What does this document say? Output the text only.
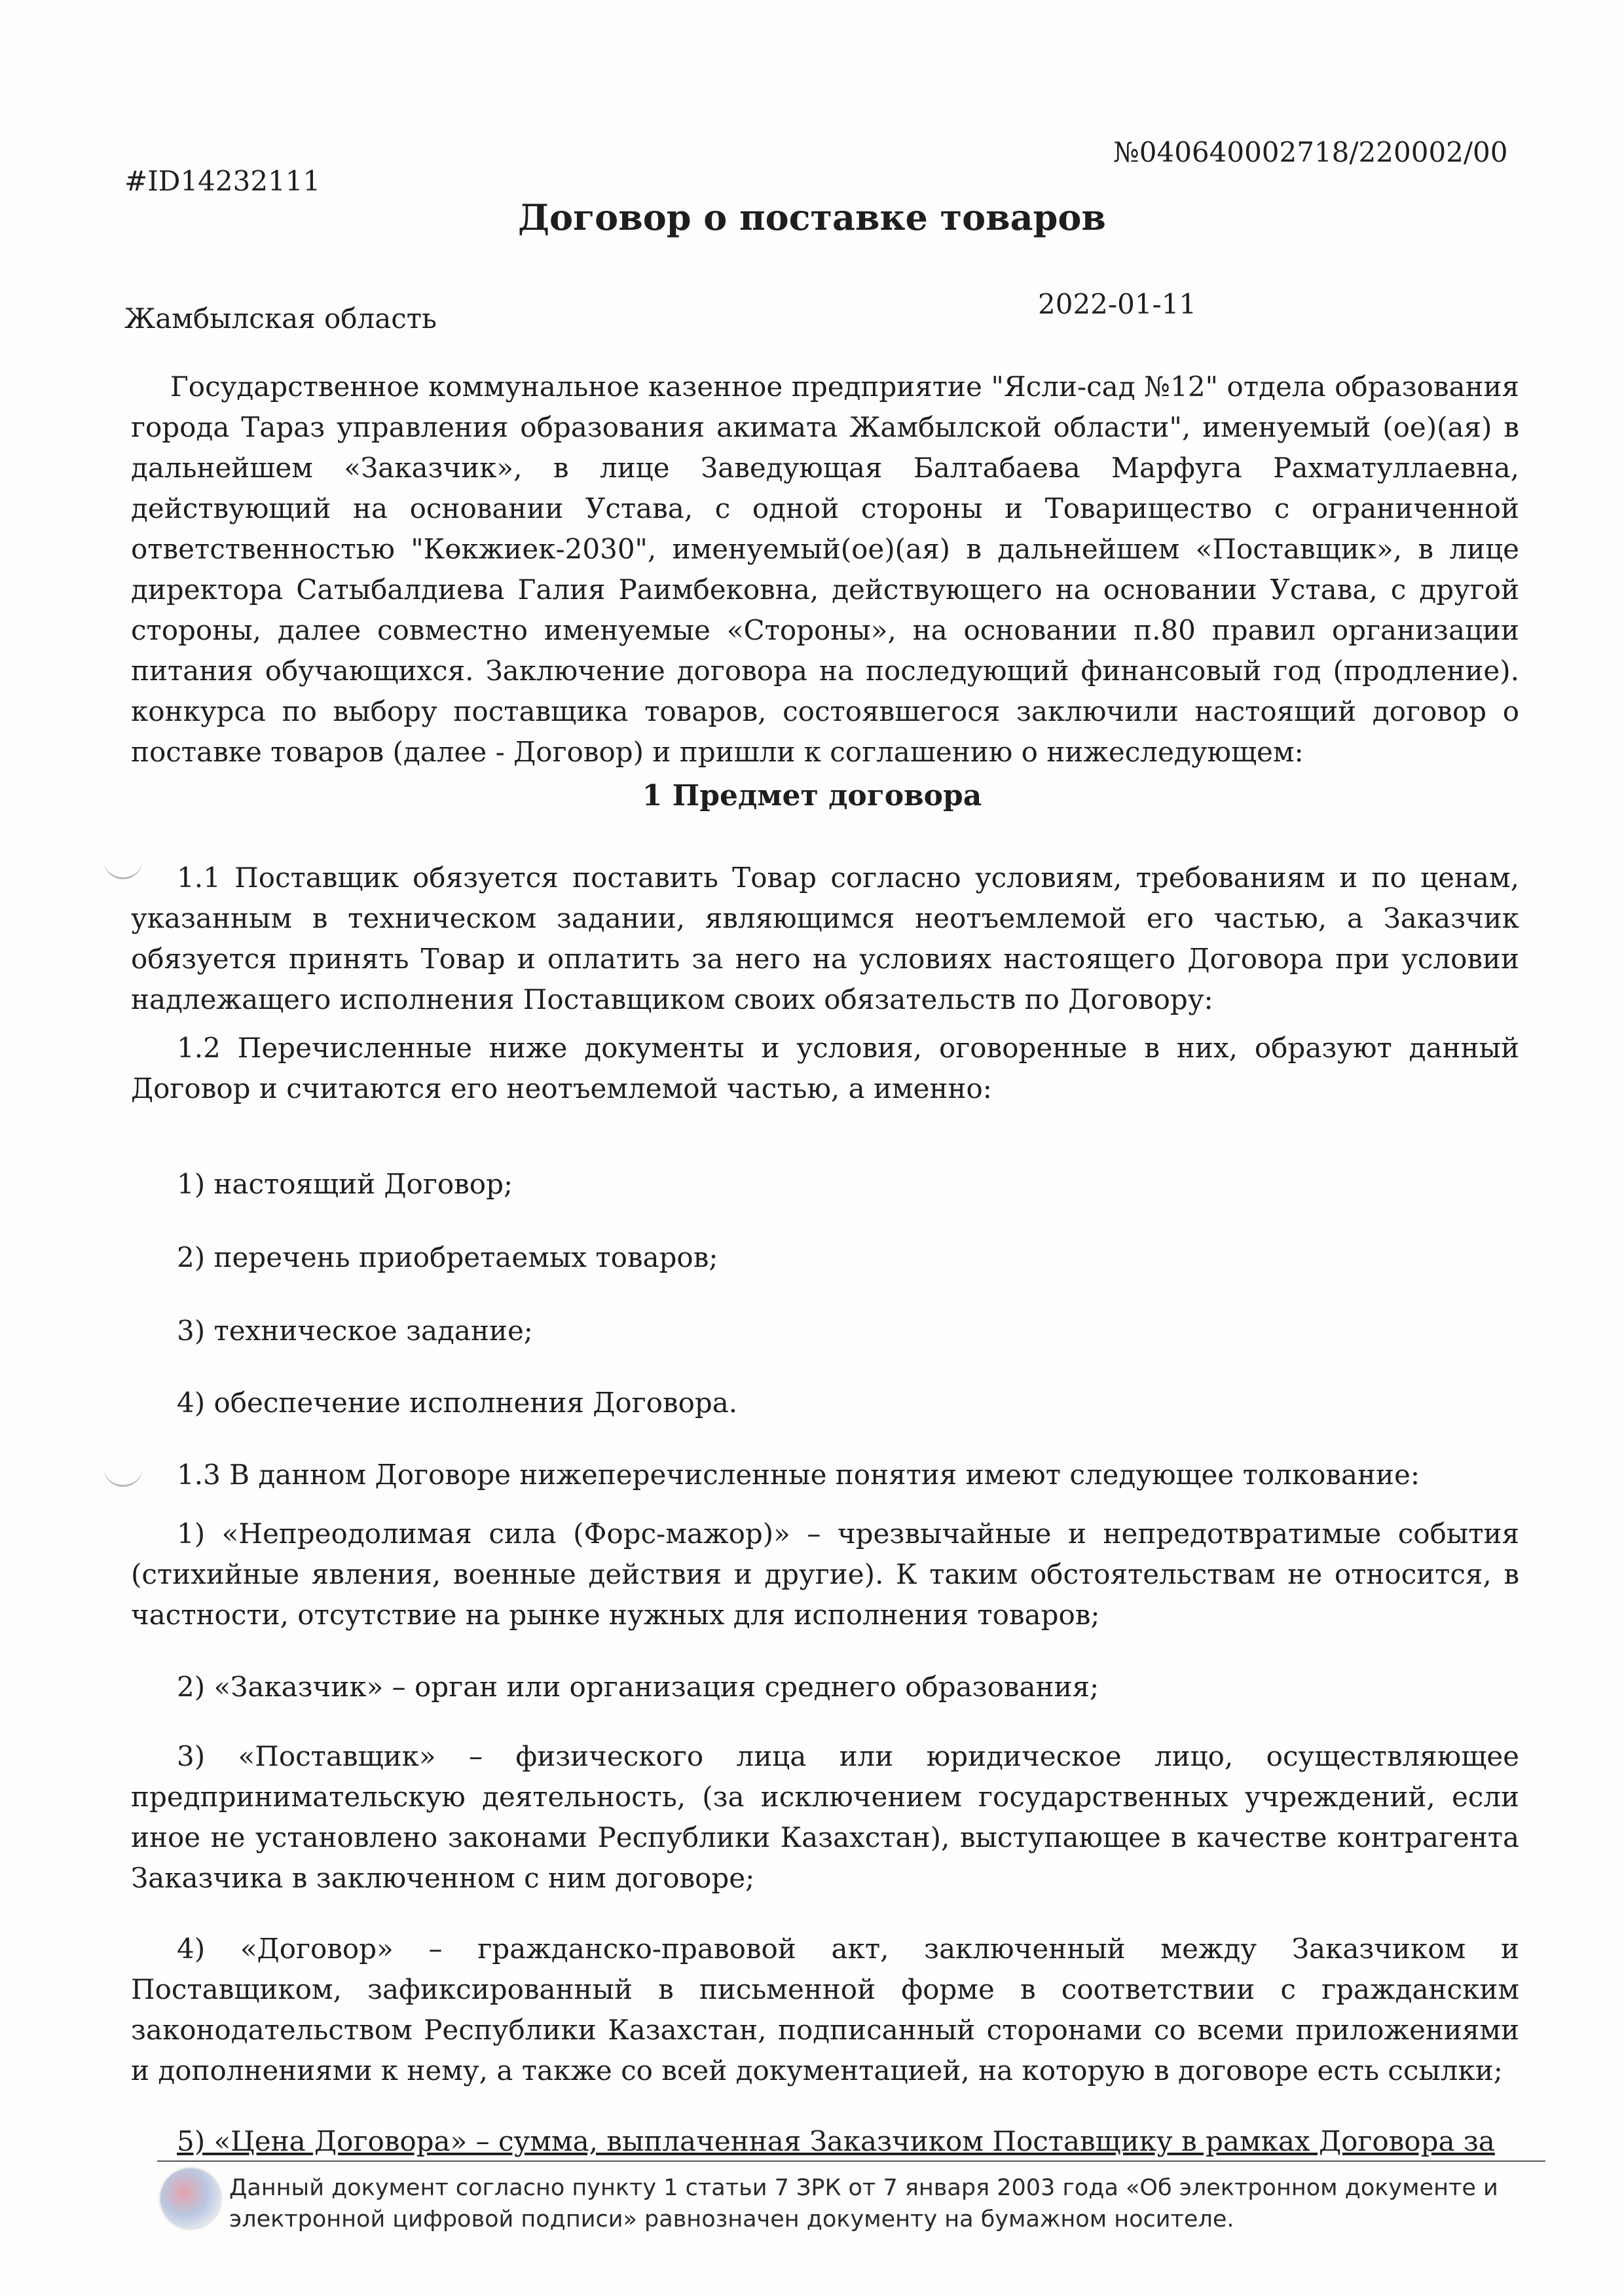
#ID14232111
№040640002718/220002/00
Договор о поставке товаров
Жамбылская область	2022-01-11

Государственное коммунальное казенное предприятие "Ясли-сад №12" отдела образования города Тараз управления образования акимата Жамбылской области", именуемый (ое)(ая) в дальнейшем «Заказчик», в лице Заведующая Балтабаева Марфуга Рахматуллаевна, действующий на основании Устава, с одной стороны и Товарищество с ограниченной ответственностью "Көкжиек-2030", именуемый(ое)(ая) в дальнейшем «Поставщик», в лице директора Сатыбалдиева Галия Раимбековна, действующего на основании Устава, с другой стороны, далее совместно именуемые «Стороны», на основании п.80 правил организации питания обучающихся. Заключение договора на последующий финансовый год (продление). конкурса по выбору поставщика товаров, состоявшегося заключили настоящий договор о поставке товаров (далее - Договор) и пришли к соглашению о нижеследующем:

1 Предмет договора

1.1 Поставщик обязуется поставить Товар согласно условиям, требованиям и по ценам, указанным в техническом задании, являющимся неотъемлемой его частью, а Заказчик обязуется принять Товар и оплатить за него на условиях настоящего Договора при условии надлежащего исполнения Поставщиком своих обязательств по Договору:

1.2 Перечисленные ниже документы и условия, оговоренные в них, образуют данный Договор и считаются его неотъемлемой частью, а именно:

1) настоящий Договор;

2) перечень приобретаемых товаров;

3) техническое задание;

4) обеспечение исполнения Договора.

1.3 В данном Договоре нижеперечисленные понятия имеют следующее толкование:

1) «Непреодолимая сила (Форс-мажор)» – чрезвычайные и непредотвратимые события (стихийные явления, военные действия и другие). К таким обстоятельствам не относится, в частности, отсутствие на рынке нужных для исполнения товаров;

2) «Заказчик» – орган или организация среднего образования;

3) «Поставщик» – физического лица или юридическое лицо, осуществляющее предпринимательскую деятельность, (за исключением государственных учреждений, если иное не установлено законами Республики Казахстан), выступающее в качестве контрагента Заказчика в заключенном с ним договоре;

4) «Договор» – гражданско-правовой акт, заключенный между Заказчиком и Поставщиком, зафиксированный в письменной форме в соответствии с гражданским законодательством Республики Казахстан, подписанный сторонами со всеми приложениями и дополнениями к нему, а также со всей документацией, на которую в договоре есть ссылки;

5) «Цена Договора» – сумма, выплаченная Заказчиком Поставщику в рамках Договора за

Данный документ согласно пункту 1 статьи 7 ЗРК от 7 января 2003 года «Об электронном документе и электронной цифровой подписи» равнозначен документу на бумажном носителе.
